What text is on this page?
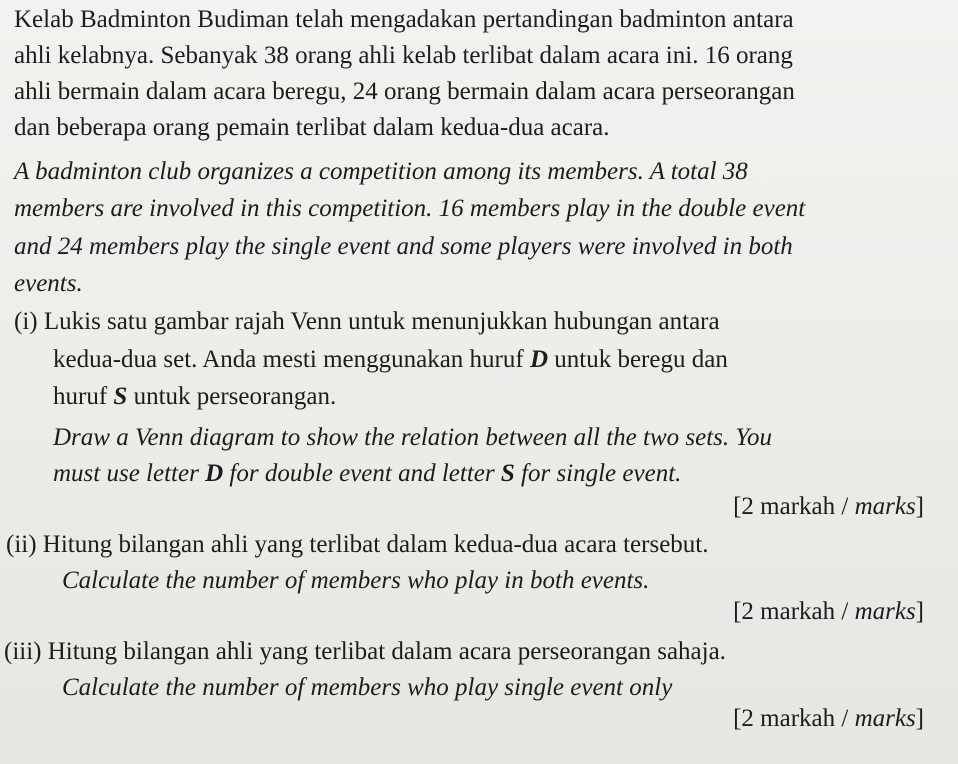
Kelab Badminton Budiman telah mengadakan pertandingan badminton antara
ahli kelabnya. Sebanyak 38 orang ahli kelab terlibat dalam acara ini. 16 orang
ahli bermain dalam acara beregu, 24 orang bermain dalam acara perseorangan
dan beberapa orang pemain terlibat dalam kedua-dua acara.
A badminton club organizes a competition among its members. A total 38
members are involved in this competition. 16 members play in the double event
and 24 members play the single event and some players were involved in both
events.
(i) Lukis satu gambar rajah Venn untuk menunjukkan hubungan antara
kedua-dua set. Anda mesti menggunakan huruf D untuk beregu dan
huruf S untuk perseorangan.
Draw a Venn diagram to show the relation between all the two sets. You
must use letter D for double event and letter S for single event.
[2 markah / marks]
(ii) Hitung bilangan ahli yang terlibat dalam kedua-dua acara tersebut.
Calculate the number of members who play in both events.
[2 markah / marks]
(iii) Hitung bilangan ahli yang terlibat dalam acara perseorangan sahaja.
Calculate the number of members who play single event only
[2 markah / marks]
